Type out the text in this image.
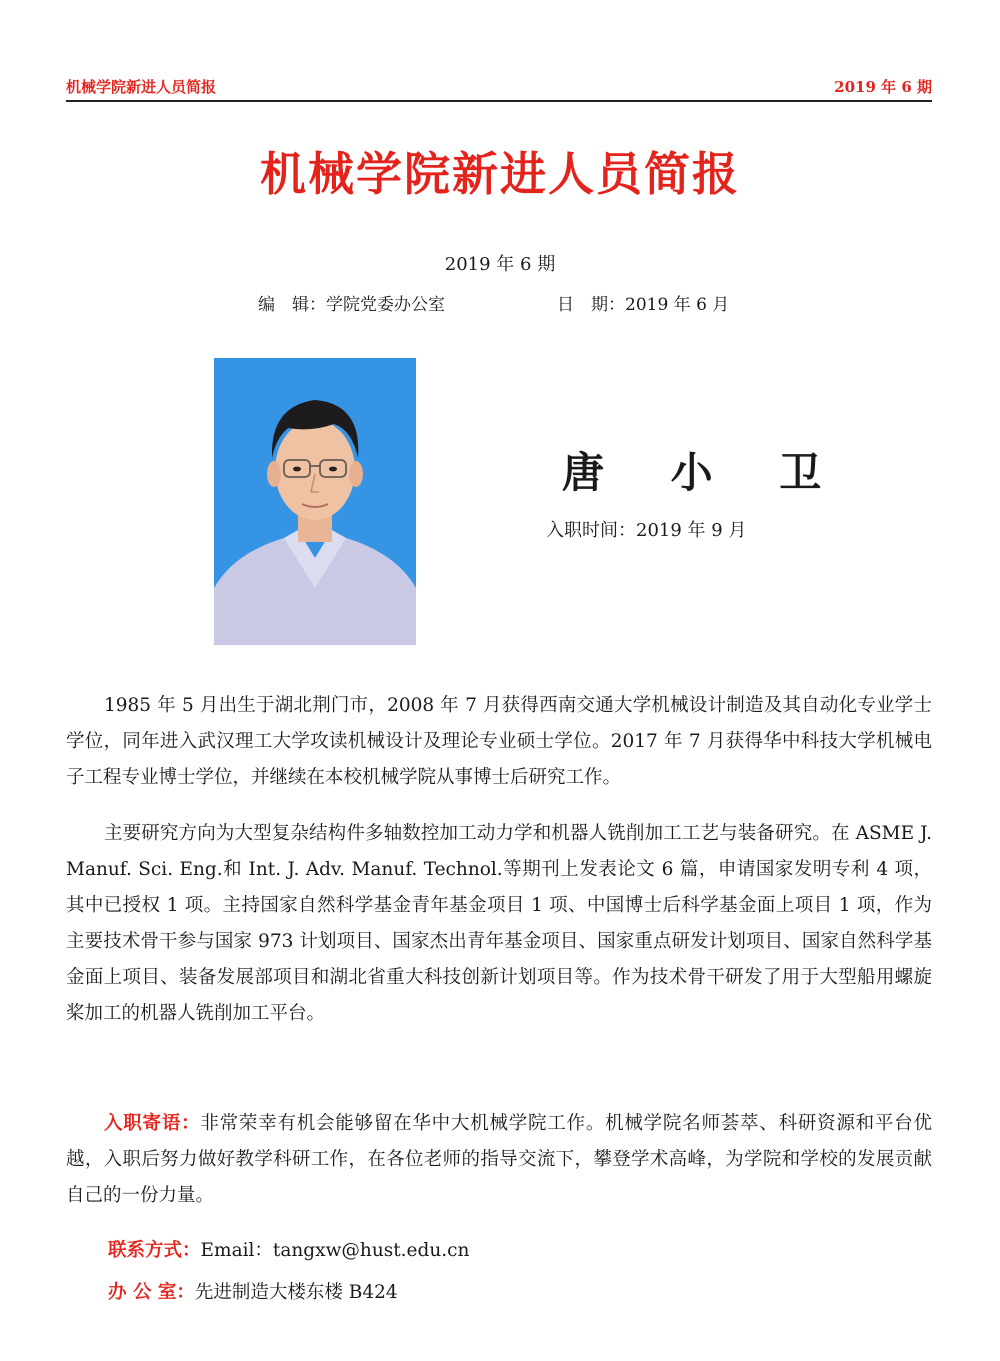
机械学院新进人员简报	2019 年 6 期
机械学院新进人员简报
2019 年 6 期
编　辑：学院党委办公室	日　期：2019 年 6 月
唐 小 卫
入职时间：2019 年 9 月

1985 年 5 月出生于湖北荆门市，2008 年 7 月获得西南交通大学机械设计制造及其自动化专业学士学位，同年进入武汉理工大学攻读机械设计及理论专业硕士学位。2017 年 7 月获得华中科技大学机械电子工程专业博士学位，并继续在本校机械学院从事博士后研究工作。

主要研究方向为大型复杂结构件多轴数控加工动力学和机器人铣削加工工艺与装备研究。在 ASME J. Manuf. Sci. Eng.和 Int. J. Adv. Manuf. Technol.等期刊上发表论文 6 篇，申请国家发明专利 4 项，其中已授权 1 项。主持国家自然科学基金青年基金项目 1 项、中国博士后科学基金面上项目 1 项，作为主要技术骨干参与国家 973 计划项目、国家杰出青年基金项目、国家重点研发计划项目、国家自然科学基金面上项目、装备发展部项目和湖北省重大科技创新计划项目等。作为技术骨干研发了用于大型船用螺旋桨加工的机器人铣削加工平台。

入职寄语：非常荣幸有机会能够留在华中大机械学院工作。机械学院名师荟萃、科研资源和平台优越，入职后努力做好教学科研工作，在各位老师的指导交流下，攀登学术高峰，为学院和学校的发展贡献自己的一份力量。

联系方式：Email：tangxw@hust.edu.cn
办 公 室：先进制造大楼东楼 B424
